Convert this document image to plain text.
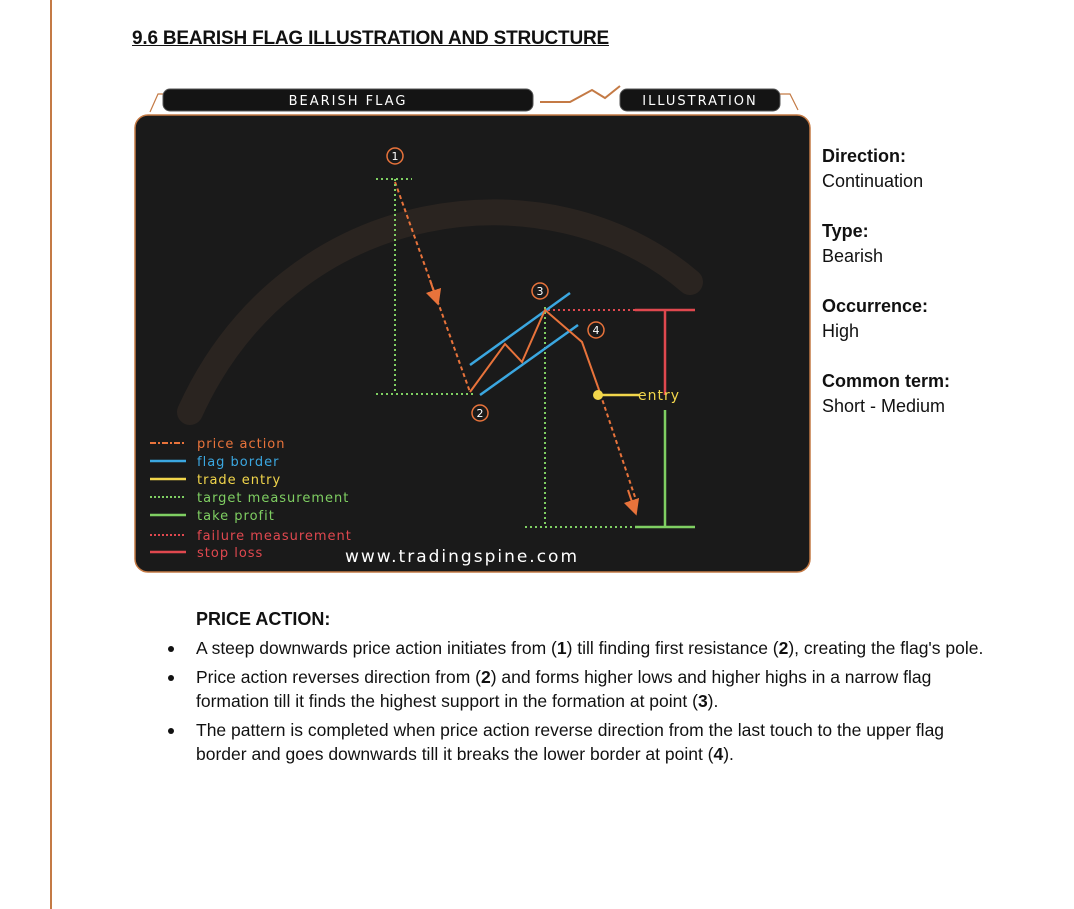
9.6 BEARISH FLAG ILLUSTRATION AND STRUCTURE
BEARISH FLAG	ILLUSTRATION
entry
1
2
3
4
price action
flag border
trade entry
target measurement
take profit
failure measurement
stop loss	www.tradingspine.com
Direction:
Continuation
Type:
Bearish
Occurrence:
High
Common term:
Short - Medium
PRICE ACTION:
A steep downwards price action initiates from (1) till finding first resistance (2), creating the flag's pole.
Price action reverses direction from (2) and forms higher lows and higher highs in a narrow flag formation till it finds the highest support in the formation at point (3).
The pattern is completed when price action reverse direction from the last touch to the upper flag border and goes downwards till it breaks the lower border at point (4).
